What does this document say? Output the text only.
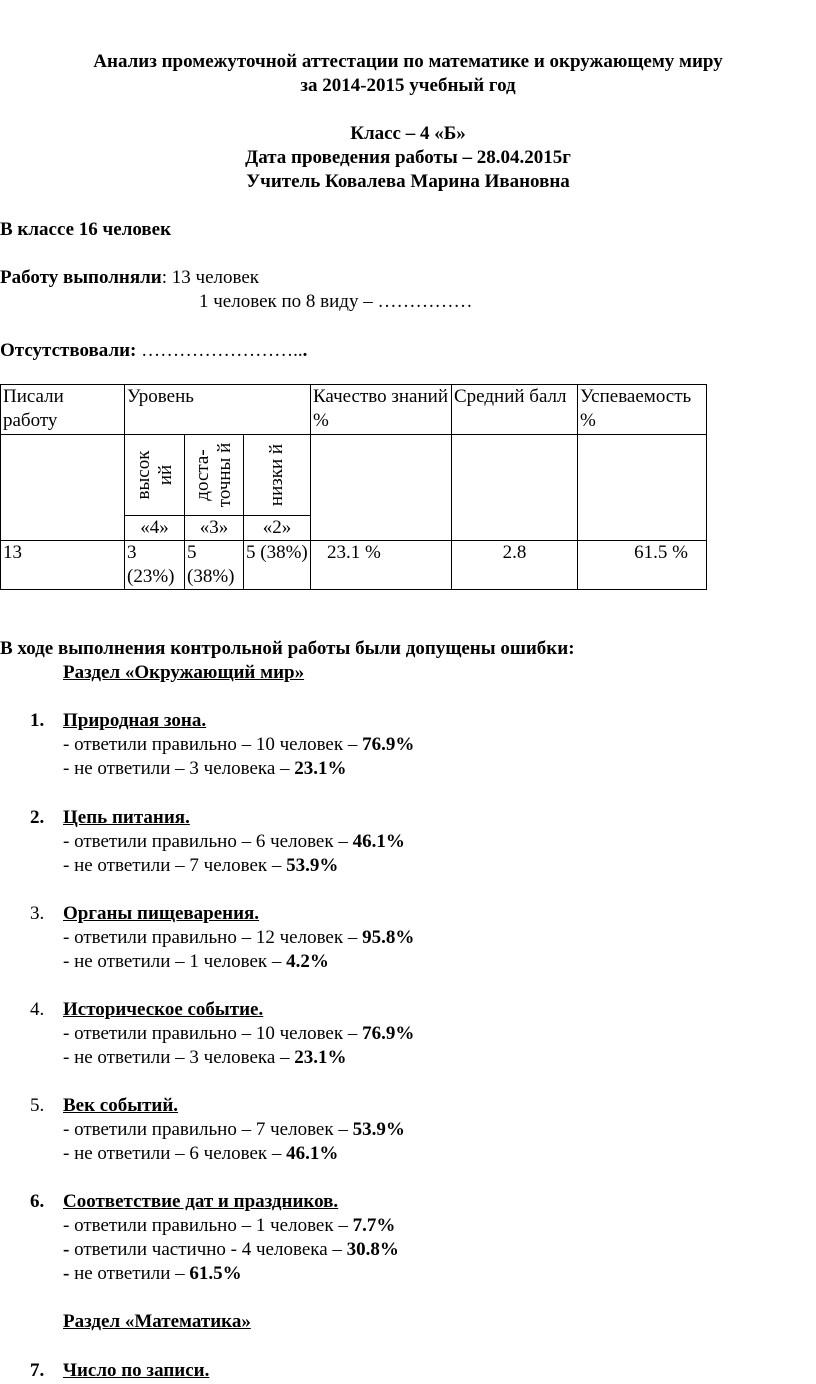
Анализ промежуточной аттестации по математике и окружающему миру
за 2014-2015 учебный год
Класс – 4 «Б»
Дата проведения работы – 28.04.2015г
Учитель Ковалева Марина Ивановна
В классе 16 человек
Работу выполняли: 13 человек
1 человек по 8 виду – ……………
Отсутствовали: ……………………...
Писали работу	Уровень			Качество знаний %	Средний балл	Успеваемость %

	высок ий	доста- точны й	низки й			

	«4»	«3»	«2»			
13	3 (23%)	5 (38%)	5 (38%)	23.1 %	2.8	61.5 %
В ходе выполнения контрольной работы были допущены ошибки:
Раздел «Окружающий мир»
1. Природная зона.
- ответили правильно – 10 человек – 76.9%
- не ответили – 3 человека – 23.1%
2. Цепь питания.
- ответили правильно – 6 человек – 46.1%
- не ответили – 7 человек – 53.9%
3. Органы пищеварения.
- ответили правильно – 12 человек – 95.8%
- не ответили – 1 человек – 4.2%
4. Историческое событие.
- ответили правильно – 10 человек – 76.9%
- не ответили – 3 человека – 23.1%
5. Век событий.
- ответили правильно – 7 человек – 53.9%
- не ответили – 6 человек – 46.1%
6. Соответствие дат и праздников.
- ответили правильно – 1 человек – 7.7%
- ответили частично - 4 человека – 30.8%
- не ответили – 61.5%
Раздел «Математика»
7. Число по записи.
